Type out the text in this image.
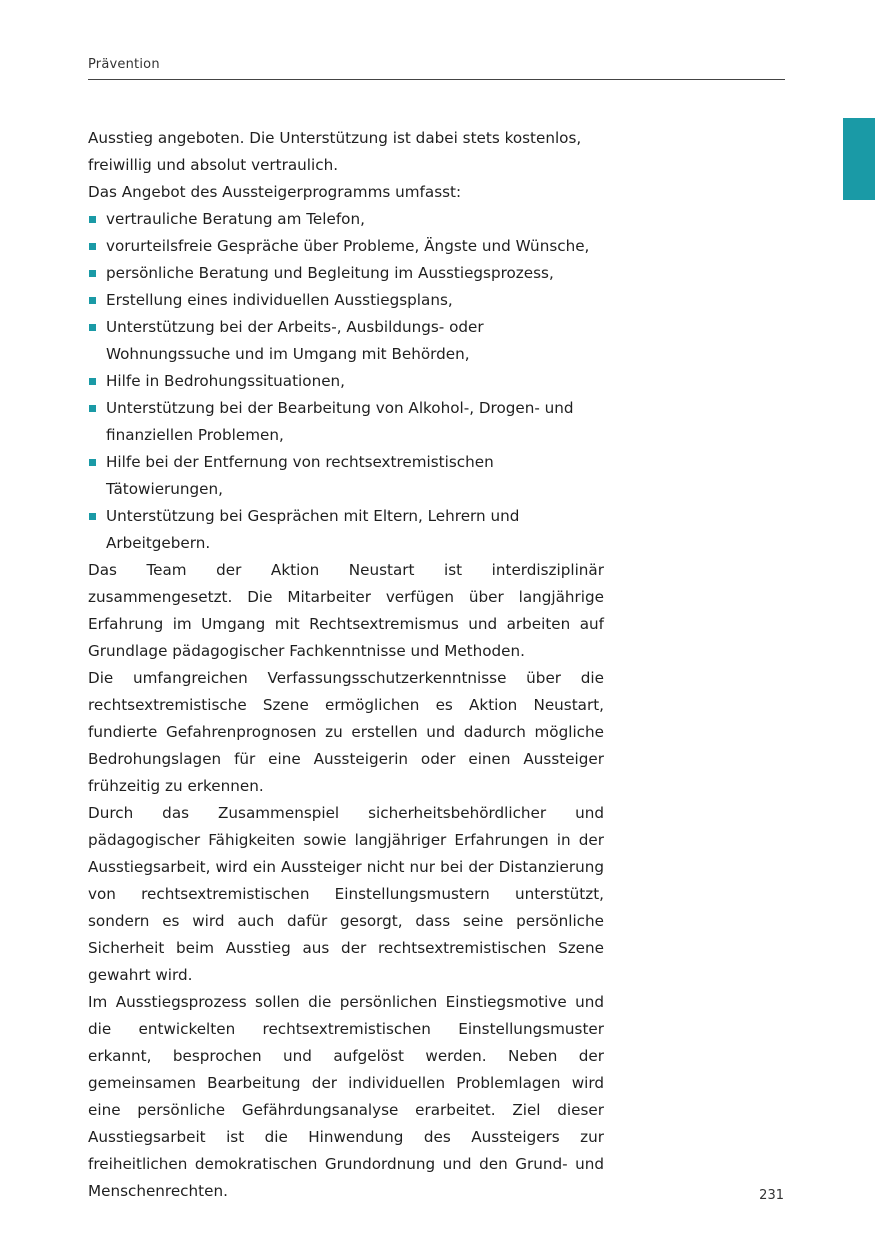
Prävention

Ausstieg angeboten. Die Unterstützung ist dabei stets kostenlos, freiwillig und absolut vertraulich.

Das Angebot des Aussteigerprogramms umfasst:

vertrauliche Beratung am Telefon,
vorurteilsfreie Gespräche über Probleme, Ängste und Wünsche,
persönliche Beratung und Begleitung im Ausstiegsprozess,
Erstellung eines individuellen Ausstiegsplans,
Unterstützung bei der Arbeits-, Ausbildungs- oder Wohnungssuche und im Umgang mit Behörden,
Hilfe in Bedrohungssituationen,
Unterstützung bei der Bearbeitung von Alkohol-, Drogen- und finanziellen Problemen,
Hilfe bei der Entfernung von rechtsextremistischen Tätowierungen,
Unterstützung bei Gesprächen mit Eltern, Lehrern und Arbeitgebern.

Das Team der Aktion Neustart ist interdisziplinär zusammengesetzt. Die Mitarbeiter verfügen über langjährige Erfahrung im Umgang mit Rechtsextremismus und arbeiten auf Grundlage pädagogischer Fachkenntnisse und Methoden.

Die umfangreichen Verfassungsschutzerkenntnisse über die rechtsextremistische Szene ermöglichen es Aktion Neustart, fundierte Gefahrenprognosen zu erstellen und dadurch mögliche Bedrohungslagen für eine Aussteigerin oder einen Aussteiger frühzeitig zu erkennen.

Durch das Zusammenspiel sicherheitsbehördlicher und pädagogischer Fähigkeiten sowie langjähriger Erfahrungen in der Ausstiegsarbeit, wird ein Aussteiger nicht nur bei der Distanzierung von rechtsextremistischen Einstellungsmustern unterstützt, sondern es wird auch dafür gesorgt, dass seine persönliche Sicherheit beim Ausstieg aus der rechtsextremistischen Szene gewahrt wird.

Im Ausstiegsprozess sollen die persönlichen Einstiegsmotive und die entwickelten rechtsextremistischen Einstellungsmuster erkannt, besprochen und aufgelöst werden. Neben der gemeinsamen Bearbeitung der individuellen Problemlagen wird eine persönliche Gefährdungsanalyse erarbeitet. Ziel dieser Ausstiegsarbeit ist die Hinwendung des Aussteigers zur freiheitlichen demokratischen Grundordnung und den Grund- und Menschenrechten.	231
